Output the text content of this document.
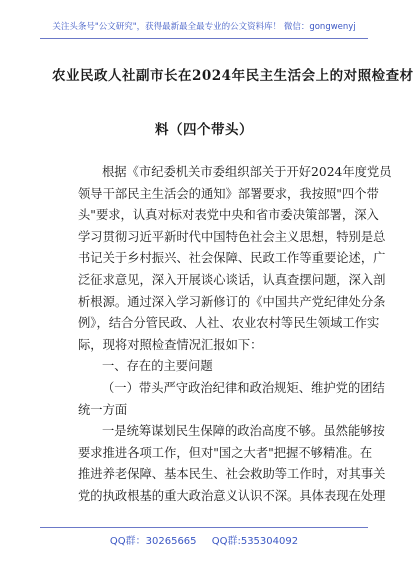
关注头条号"公文研究"，获得最新最全最专业的公文资料库！ 微信：gongwenyj
农业民政人社副市长在2024年民主生活会上的对照检查材
料（四个带头）
根据《市纪委机关市委组织部关于开好2024年度党员
领导干部民主生活会的通知》部署要求，我按照"四个带
头"要求，认真对标对表党中央和省市委决策部署，深入
学习贯彻习近平新时代中国特色社会主义思想，特别是总
书记关于乡村振兴、社会保障、民政工作等重要论述，广
泛征求意见，深入开展谈心谈话，认真查摆问题，深入剖
析根源。通过深入学习新修订的《中国共产党纪律处分条
例》，结合分管民政、人社、农业农村等民生领域工作实
际，现将对照检查情况汇报如下：
一、存在的主要问题
（一）带头严守政治纪律和政治规矩、维护党的团结
统一方面
一是统筹谋划民生保障的政治高度不够。虽然能够按
要求推进各项工作，但对"国之大者"把握不够精准。在
推进养老保障、基本民生、社会救助等工作时，对其事关
党的执政根基的重大政治意义认识不深。具体表现在处理
QQ群：30265665 QQ群:535304092
